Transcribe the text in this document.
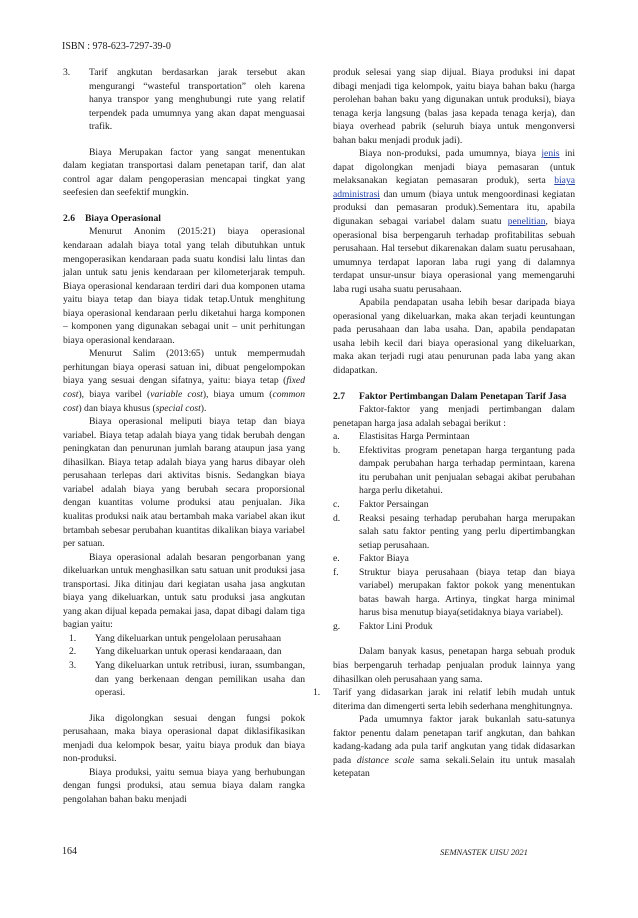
ISBN : 978-623-7297-39-0
3. Tarif angkutan berdasarkan jarak tersebut akan mengurangi “wasteful transportation” oleh karena hanya transpor yang menghubungi rute yang relatif terpendek pada umumnya yang akan dapat menguasai trafik.

Biaya Merupakan factor yang sangat menentukan dalam kegiatan transportasi dalam penetapan tarif, dan alat control agar dalam pengoperasian mencapai tingkat yang seefesien dan seefektif mungkin.

2.6 Biaya Operasional

Menurut Anonim (2015:21) biaya operasional kendaraan adalah biaya total yang telah dibutuhkan untuk mengoperasikan kendaraan pada suatu kondisi lalu lintas dan jalan untuk satu jenis kendaraan per kilometerjarak tempuh. Biaya operasional kendaraan terdiri dari dua komponen utama yaitu biaya tetap dan biaya tidak tetap.Untuk menghitung biaya operasional kendaraan perlu diketahui harga komponen – komponen yang digunakan sebagai unit – unit perhitungan biaya operasional kendaraan.

Menurut Salim (2013:65) untuk mempermudah perhitungan biaya operasi satuan ini, dibuat pengelompokan biaya yang sesuai dengan sifatnya, yaitu: biaya tetap (fixed cost), biaya varibel (variable cost), biaya umum (common cost) dan biaya khusus (special cost).

Biaya operasional meliputi biaya tetap dan biaya variabel. Biaya tetap adalah biaya yang tidak berubah dengan peningkatan dan penurunan jumlah barang ataupun jasa yang dihasilkan. Biaya tetap adalah biaya yang harus dibayar oleh perusahaan terlepas dari aktivitas bisnis. Sedangkan biaya variabel adalah biaya yang berubah secara proporsional dengan kuantitas volume produksi atau penjualan. Jika kualitas produksi naik atau bertambah maka variabel akan ikut brtambah sebesar perubahan kuantitas dikalikan biaya variabel per satuan.

Biaya operasional adalah besaran pengorbanan yang dikeluarkan untuk menghasilkan satu satuan unit produksi jasa transportasi. Jika ditinjau dari kegiatan usaha jasa angkutan biaya yang dikeluarkan, untuk satu produksi jasa angkutan yang akan dijual kepada pemakai jasa, dapat dibagi dalam tiga bagian yaitu:

1. Yang dikeluarkan untuk pengelolaan perusahaan
2. Yang dikeluarkan untuk operasi kendaraaan, dan
3. Yang dikeluarkan untuk retribusi, iuran, ssumbangan, dan yang berkenaan dengan pemilikan usaha dan operasi.

Jika digolongkan sesuai dengan fungsi pokok perusahaan, maka biaya operasional dapat diklasifikasikan menjadi dua kelompok besar, yaitu biaya produk dan biaya non-produksi.

Biaya produksi, yaitu semua biaya yang berhubungan dengan fungsi produksi, atau semua biaya dalam rangka pengolahan bahan baku menjadi

produk selesai yang siap dijual. Biaya produksi ini dapat dibagi menjadi tiga kelompok, yaitu biaya bahan baku (harga perolehan bahan baku yang digunakan untuk produksi), biaya tenaga kerja langsung (balas jasa kepada tenaga kerja), dan biaya overhead pabrik (seluruh biaya untuk mengonversi bahan baku menjadi produk jadi).

Biaya non-produksi, pada umumnya, biaya jenis ini dapat digolongkan menjadi biaya pemasaran (untuk melaksanakan kegiatan pemasaran produk), serta biaya administrasi dan umum (biaya untuk mengoordinasi kegiatan produksi dan pemasaran produk).Sementara itu, apabila digunakan sebagai variabel dalam suatu penelitian, biaya operasional bisa berpengaruh terhadap profitabilitas sebuah perusahaan. Hal tersebut dikarenakan dalam suatu perusahaan, umumnya terdapat laporan laba rugi yang di dalamnya terdapat unsur-unsur biaya operasional yang memengaruhi laba rugi usaha suatu perusahaan.

Apabila pendapatan usaha lebih besar daripada biaya operasional yang dikeluarkan, maka akan terjadi keuntungan pada perusahaan dan laba usaha. Dan, apabila pendapatan usaha lebih kecil dari biaya operasional yang dikeluarkan, maka akan terjadi rugi atau penurunan pada laba yang akan didapatkan.

2.7	Faktor Pertimbangan Dalam Penetapan Tarif Jasa

Faktor-faktor yang menjadi pertimbangan dalam penetapan harga jasa adalah sebagai berikut :

a. Elastisitas Harga Permintaan
b. Efektivitas program penetapan harga tergantung pada dampak perubahan harga terhadap permintaan, karena itu perubahan unit penjualan sebagai akibat perubahan harga perlu diketahui.
c. Faktor Persaingan
d. Reaksi pesaing terhadap perubahan harga merupakan salah satu faktor penting yang perlu dipertimbangkan setiap perusahaan.
e. Faktor Biaya
f. Struktur biaya perusahaan (biaya tetap dan biaya variabel) merupakan faktor pokok yang menentukan batas bawah harga. Artinya, tingkat harga minimal harus bisa menutup biaya(setidaknya biaya variabel).
g. Faktor Lini Produk

Dalam banyak kasus, penetapan harga sebuah produk bias berpengaruh terhadap penjualan produk lainnya yang dihasilkan oleh perusahaan yang sama.

1. Tarif yang didasarkan jarak ini relatif lebih mudah untuk diterima dan dimengerti serta lebih sederhana menghitungnya.

Pada umumnya faktor jarak bukanlah satu-satunya faktor penentu dalam penetapan tarif angkutan, dan bahkan kadang-kadang ada pula tarif angkutan yang tidak didasarkan pada distance scale sama sekali.Selain itu untuk masalah ketepatan

164	SEMNASTEK UISU 2021
